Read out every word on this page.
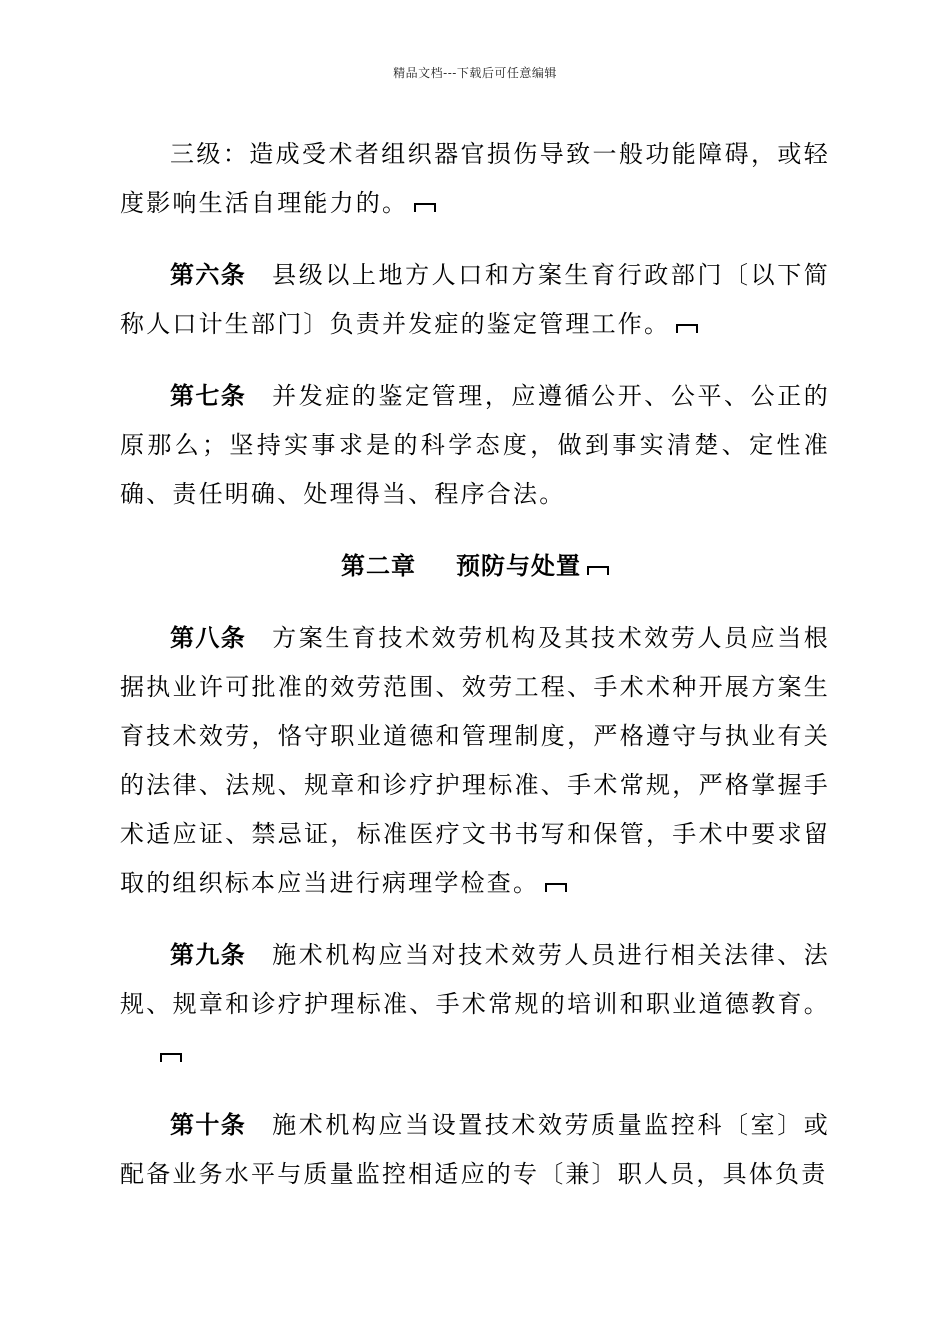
精品文档---下载后可任意编辑

三级：造成受术者组织器官损伤导致一般功能障碍，或轻度影响生活自理能力的。

第六条 县级以上地方人口和方案生育行政部门〔以下简称人口计生部门〕负责并发症的鉴定管理工作。

第七条 并发症的鉴定管理，应遵循公开、公平、公正的原那么；坚持实事求是的科学态度，做到事实清楚、定性准确、责任明确、处理得当、程序合法。

第二章 预防与处置

第八条 方案生育技术效劳机构及其技术效劳人员应当根据执业许可批准的效劳范围、效劳工程、手术术种开展方案生育技术效劳，恪守职业道德和管理制度，严格遵守与执业有关的法律、法规、规章和诊疗护理标准、手术常规，严格掌握手术适应证、禁忌证，标准医疗文书书写和保管，手术中要求留取的组织标本应当进行病理学检查。

第九条 施术机构应当对技术效劳人员进行相关法律、法规、规章和诊疗护理标准、手术常规的培训和职业道德教育。

第十条 施术机构应当设置技术效劳质量监控科〔室〕或配备业务水平与质量监控相适应的专〔兼〕职人员，具体负责
